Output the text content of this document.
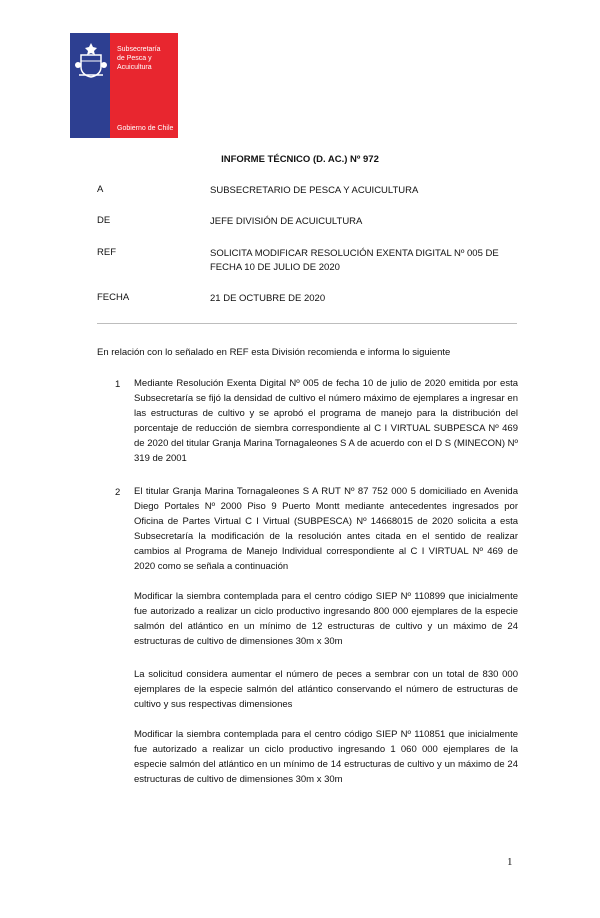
Subsecretaría
de Pesca y
Acuicultura
Gobierno de Chile
INFORME TÉCNICO (D. AC.) Nº 972
A	SUBSECRETARIO DE PESCA Y ACUICULTURA
DE	JEFE DIVISIÓN DE ACUICULTURA
REF	SOLICITA MODIFICAR RESOLUCIÓN EXENTA DIGITAL Nº 005 DE FECHA 10 DE JULIO DE 2020
FECHA	21 DE OCTUBRE DE 2020
En relación con lo señalado en REF esta División recomienda e informa lo siguiente
1 Mediante Resolución Exenta Digital Nº 005 de fecha 10 de julio de 2020 emitida por esta Subsecretaría se fijó la densidad de cultivo el número máximo de ejemplares a ingresar en las estructuras de cultivo y se aprobó el programa de manejo para la distribución del porcentaje de reducción de siembra correspondiente al C I VIRTUAL SUBPESCA Nº 469 de 2020 del titular Granja Marina Tornagaleones S A de acuerdo con el D S (MINECON) Nº 319 de 2001
2 El titular Granja Marina Tornagaleones S A RUT Nº 87 752 000 5 domiciliado en Avenida Diego Portales Nº 2000 Piso 9 Puerto Montt mediante antecedentes ingresados por Oficina de Partes Virtual C I Virtual (SUBPESCA) Nº 14668015 de 2020 solicita a esta Subsecretaría la modificación de la resolución antes citada en el sentido de realizar cambios al Programa de Manejo Individual correspondiente al C I VIRTUAL Nº 469 de 2020 como se señala a continuación
Modificar la siembra contemplada para el centro código SIEP Nº 110899 que inicialmente fue autorizado a realizar un ciclo productivo ingresando 800 000 ejemplares de la especie salmón del atlántico en un mínimo de 12 estructuras de cultivo y un máximo de 24 estructuras de cultivo de dimensiones 30m x 30m
La solicitud considera aumentar el número de peces a sembrar con un total de 830 000 ejemplares de la especie salmón del atlántico conservando el número de estructuras de cultivo y sus respectivas dimensiones
Modificar la siembra contemplada para el centro código SIEP Nº 110851 que inicialmente fue autorizado a realizar un ciclo productivo ingresando 1 060 000 ejemplares de la especie salmón del atlántico en un mínimo de 14 estructuras de cultivo y un máximo de 24 estructuras de cultivo de dimensiones 30m x 30m
1
